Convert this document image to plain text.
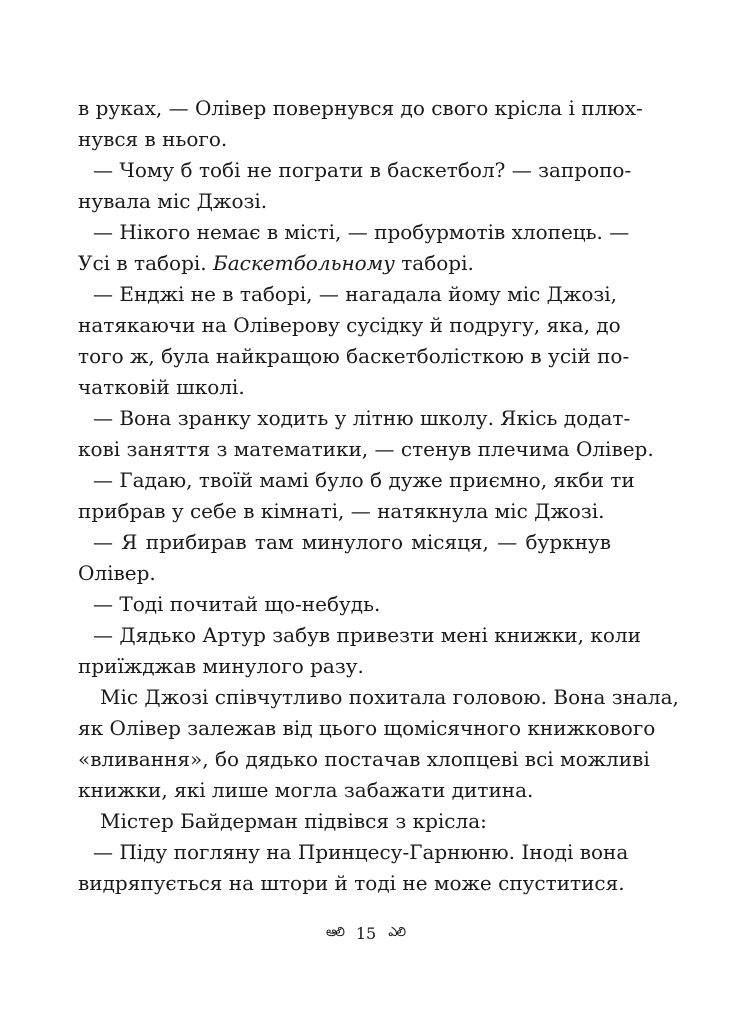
в руках, — Олівер повернувся до свого крісла і плюх-
нувся в нього.
— Чому б тобі не пограти в баскетбол? — запропо-
нувала міс Джозі.
— Нікого немає в місті, — пробурмотів хлопець. —
Усі в таборі. Баскетбольному таборі.
— Енджі не в таборі, — нагадала йому міс Джозі,
натякаючи на Оліверову сусідку й подругу, яка, до
того ж, була найкращою баскетболісткою в усій по-
чатковій школі.
— Вона зранку ходить у літню школу. Якісь додат-
кові заняття з математики, — стенув плечима Олівер.
— Гадаю, твоїй мамі було б дуже приємно, якби ти
прибрав у себе в кімнаті, — натякнула міс Джозі.
— Я прибирав там минулого місяця, — буркнув
Олівер.
— Тоді почитай що-небудь.
— Дядько Артур забув привезти мені книжки, коли
приїжджав минулого разу.
Міс Джозі співчутливо похитала головою. Вона знала,
як Олівер залежав від цього щомісячного книжкового
«вливання», бо дядько постачав хлопцеві всі можливі
книжки, які лише могла забажати дитина.
Містер Байдерман підвівся з крісла:
— Піду погляну на Принцесу-Гарнюню. Іноді вона
видряпується на штори й тоді не може спуститися.
ఆలి 15 ఎలి
